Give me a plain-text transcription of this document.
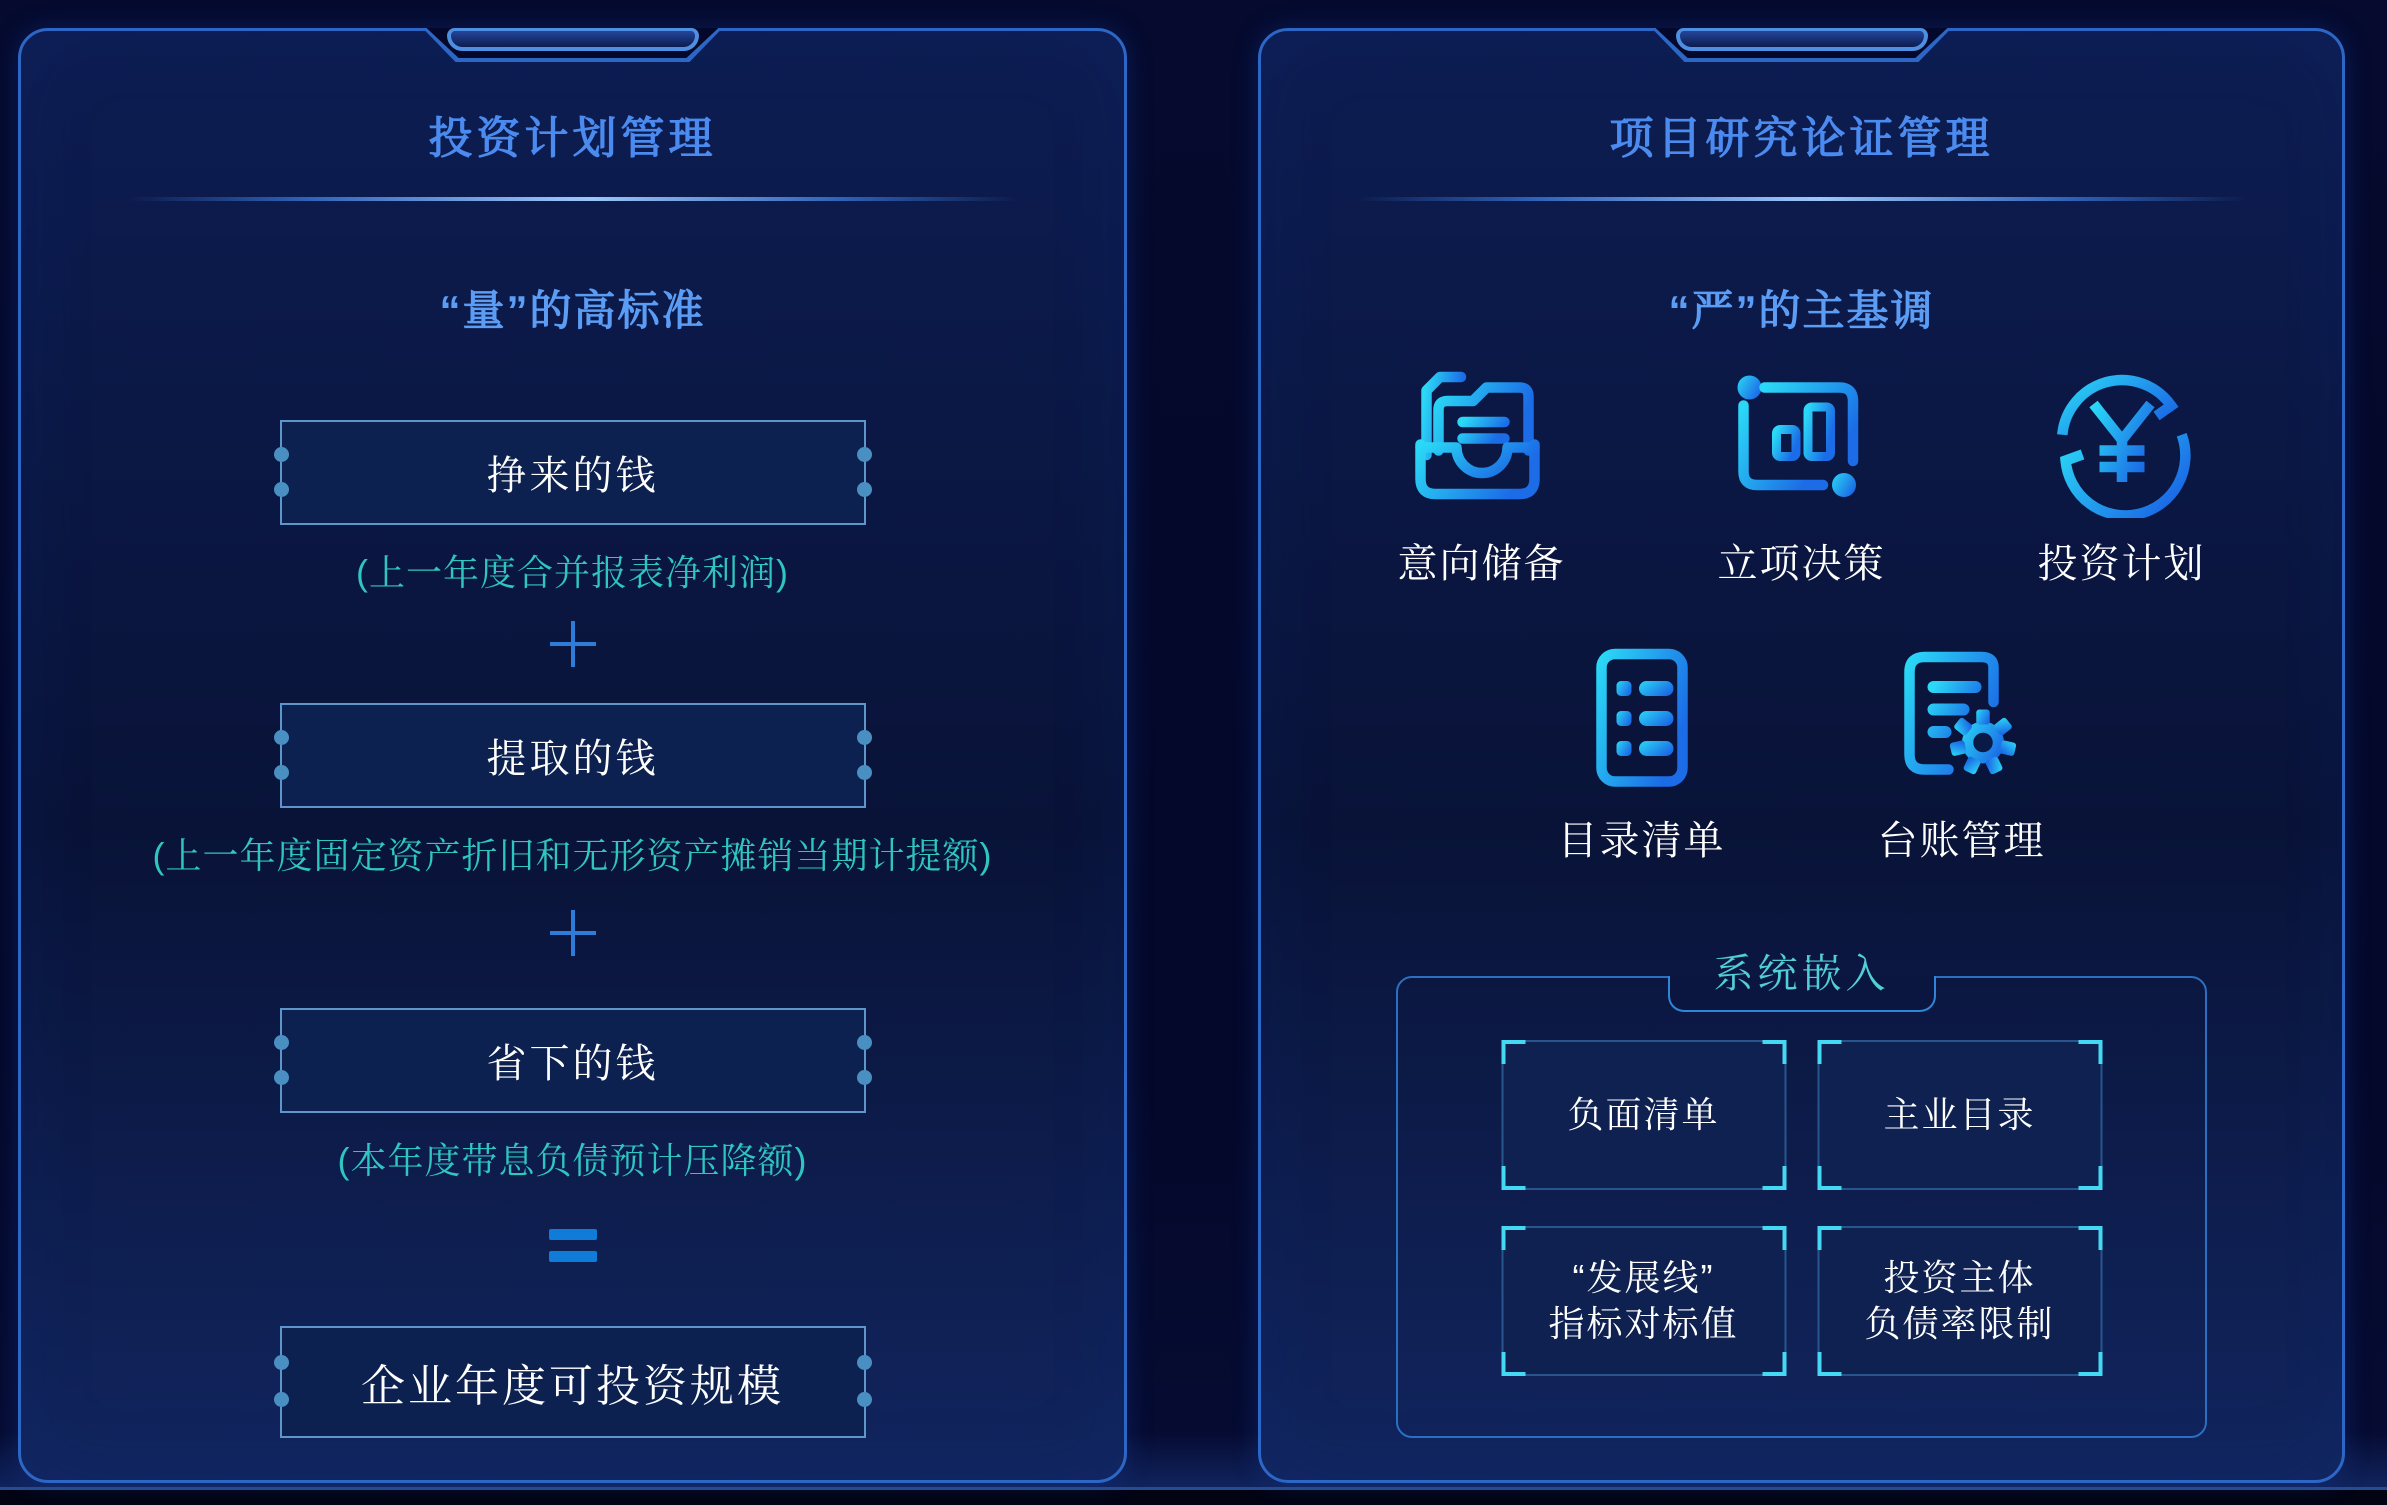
投资计划管理
“量”的高标准
挣来的钱
(上一年度合并报表净利润)
提取的钱
(上一年度固定资产折旧和无形资产摊销当期计提额)
省下的钱
(本年度带息负债预计压降额)
企业年度可投资规模
项目研究论证管理
“严”的主基调
意向储备	立项决策	投资计划
目录清单	台账管理
系统嵌入
负面清单	主业目录
“发展线”
指标对标值
投资主体
负债率限制
